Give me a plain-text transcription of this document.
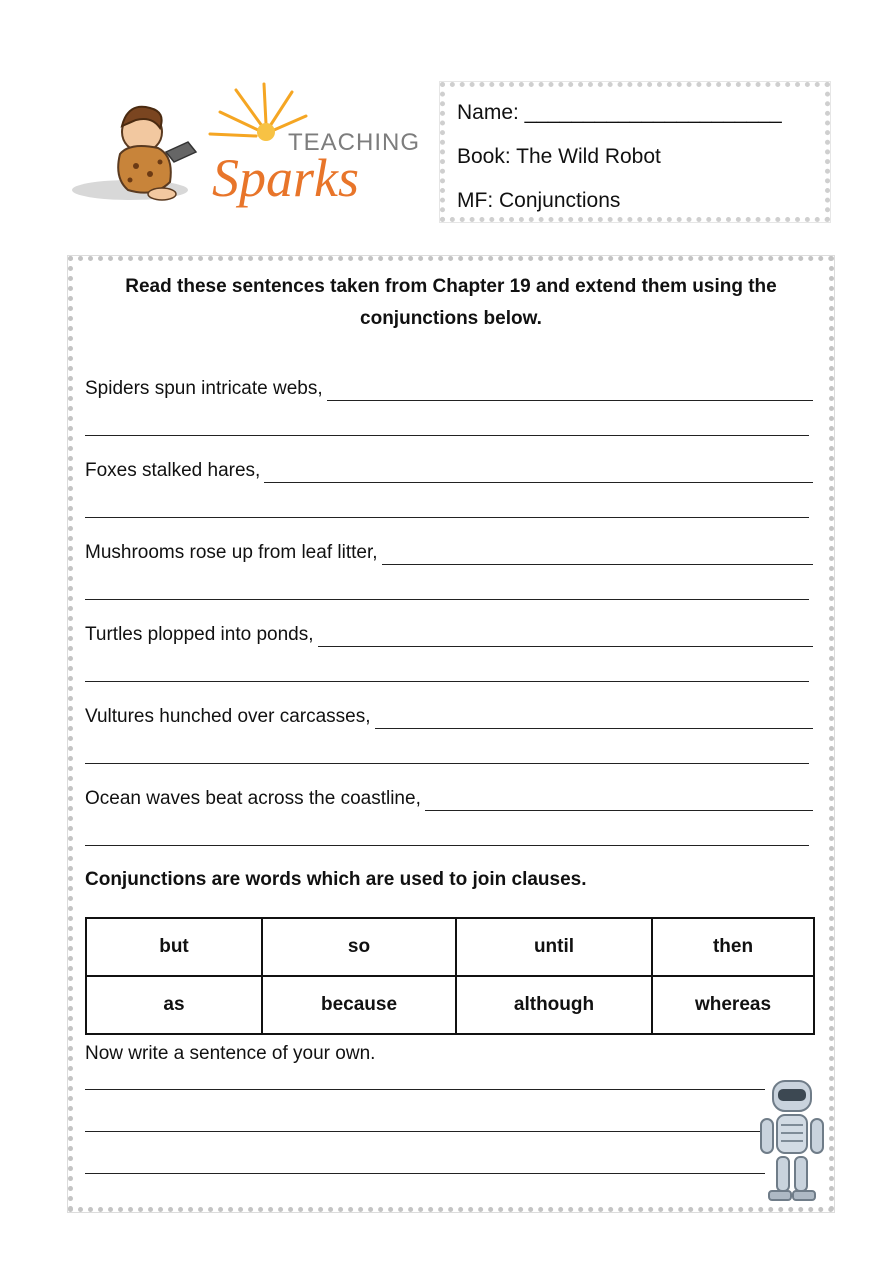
TEACHING
Sparks
Name: ______________________
Book: The Wild Robot
MF: Conjunctions
Read these sentences taken from Chapter 19 and extend them using the
conjunctions below.
Spiders spun intricate webs,
Foxes stalked hares,
Mushrooms rose up from leaf litter,
Turtles plopped into ponds,
Vultures hunched over carcasses,
Ocean waves beat across the coastline,
Conjunctions are words which are used to join clauses.
but	so	until	then
as	because	although	whereas
Now write a sentence of your own.
